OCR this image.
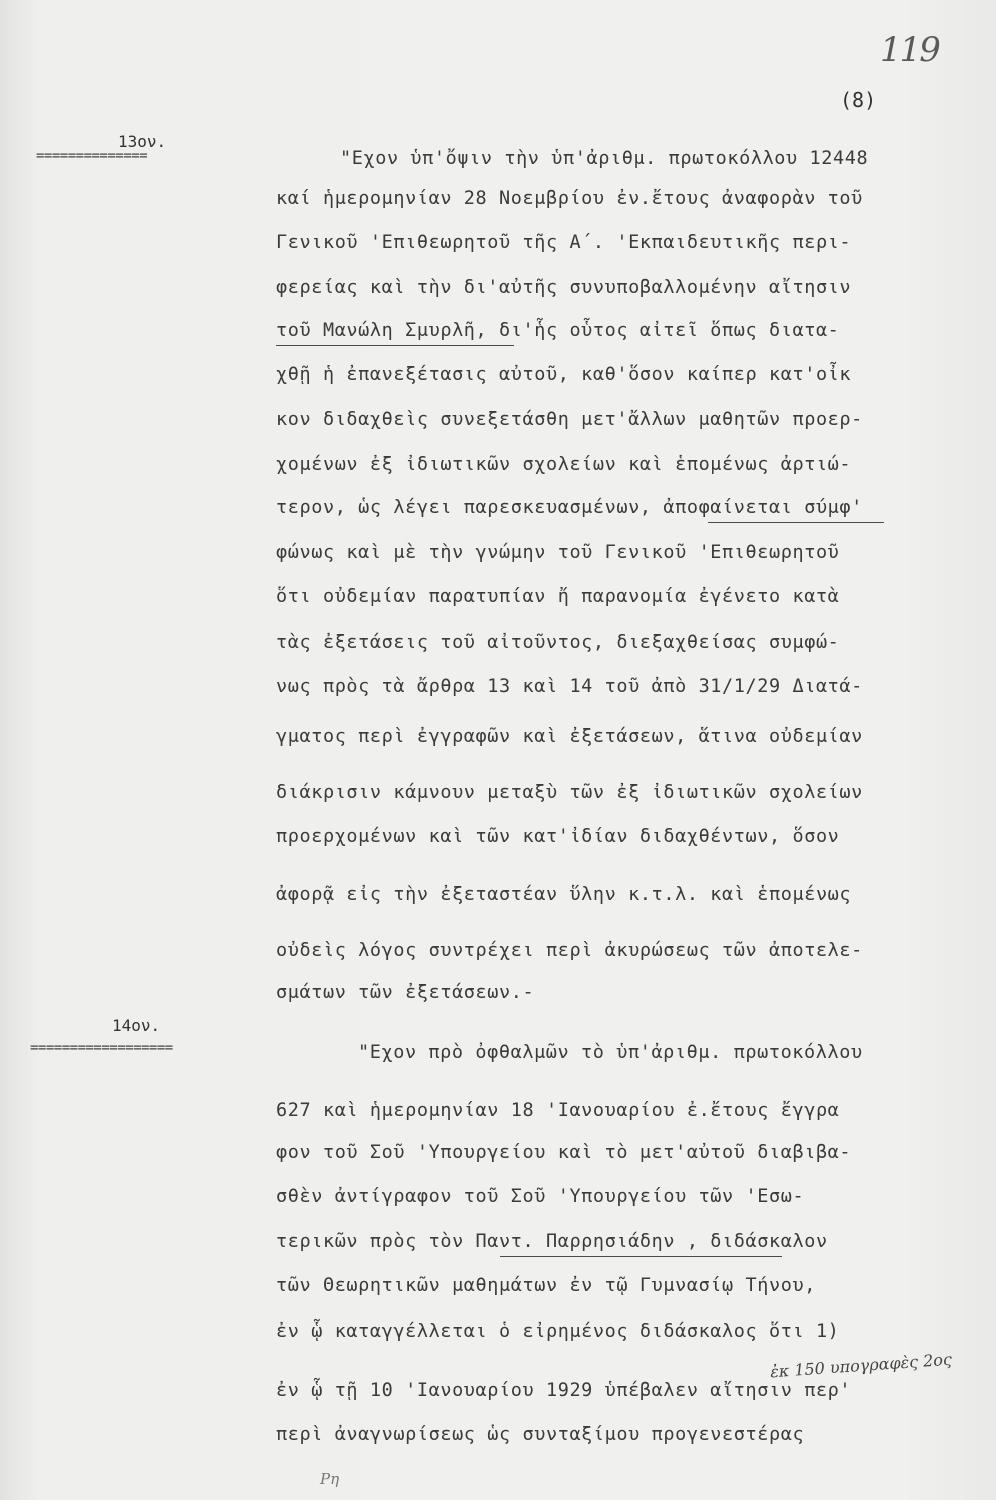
119
(8)
13ον.
==============	"Εχον ὑπ'ὄψιν τὴν ὑπ'ἀριθμ. πρωτοκόλλου 12448
καί ἡμερομηνίαν 28 Νοεμβρίου ἐν.ἔτους ἀναφορὰν τοῦ
Γενικοῦ 'Επιθεωρητοῦ τῆς Α΄. 'Εκπαιδευτικῆς περι-
φερείας καὶ τὴν δι'αὐτῆς συνυποβαλλομένην αἴτησιν
τοῦ Μανώλη Σμυρλῆ, δι'ἧς οὗτος αἰτεῖ ὅπως διατα-
χθῇ ἡ ἐπανεξέτασις αὐτοῦ, καθ'ὅσον καίπερ κατ'οἶκ
κον διδαχθεὶς συνεξετάσθη μετ'ἄλλων μαθητῶν προερ-
χομένων ἐξ ἰδιωτικῶν σχολείων καὶ ἑπομένως ἀρτιώ-
τερον, ὡς λέγει παρεσκευασμένων, ἀποφαίνεται σύμφ'
φώνως καὶ μὲ τὴν γνώμην τοῦ Γενικοῦ 'Επιθεωρητοῦ
ὅτι οὐδεμίαν παρατυπίαν ἤ παρανομία ἐγένετο κατὰ
τὰς ἐξετάσεις τοῦ αἰτοῦντος, διεξαχθείσας συμφώ-
νως πρὸς τὰ ἄρθρα 13 καὶ 14 τοῦ ἀπὸ 31/1/29 Διατά-
γματος περὶ ἐγγραφῶν καὶ ἐξετάσεων, ἅτινα οὐδεμίαν
διάκρισιν κάμνουν μεταξὺ τῶν ἐξ ἰδιωτικῶν σχολείων
προερχομένων καὶ τῶν κατ'ἰδίαν διδαχθέντων, ὅσον
ἀφορᾷ εἰς τὴν ἐξεταστέαν ὕλην κ.τ.λ. καὶ ἑπομένως
οὐδεὶς λόγος συντρέχει περὶ ἀκυρώσεως τῶν ἀποτελε-
σμάτων τῶν ἐξετάσεων.-
14ον.
==================	"Εχον πρὸ ὀφθαλμῶν τὸ ὑπ'ἀριθμ. πρωτοκόλλου
627 καὶ ἡμερομηνίαν 18 'Ιανουαρίου ἐ.ἔτους ἔγγρα
φον τοῦ Σοῦ 'Υπουργείου καὶ τὸ μετ'αὐτοῦ διαβιβα-
σθὲν ἀντίγραφον τοῦ Σοῦ 'Υπουργείου τῶν 'Εσω-
τερικῶν πρὸς τὸν Παντ. Παρρησιάδην , διδάσκαλον
τῶν Θεωρητικῶν μαθημάτων ἐν τῷ Γυμνασίῳ Τήνου,
ἐν ᾧ καταγγέλλεται ὁ εἰρημένος διδάσκαλος ὅτι 1)
ἐν ᾧ τῇ 10 'Ιανουαρίου 1929 ὑπέβαλεν αἴτησιν περ'
περὶ ἀναγνωρίσεως ὡς συνταξίμου προγενεστέρας
ἐκ 150 υπογραφὲς 2ος
Ρη
